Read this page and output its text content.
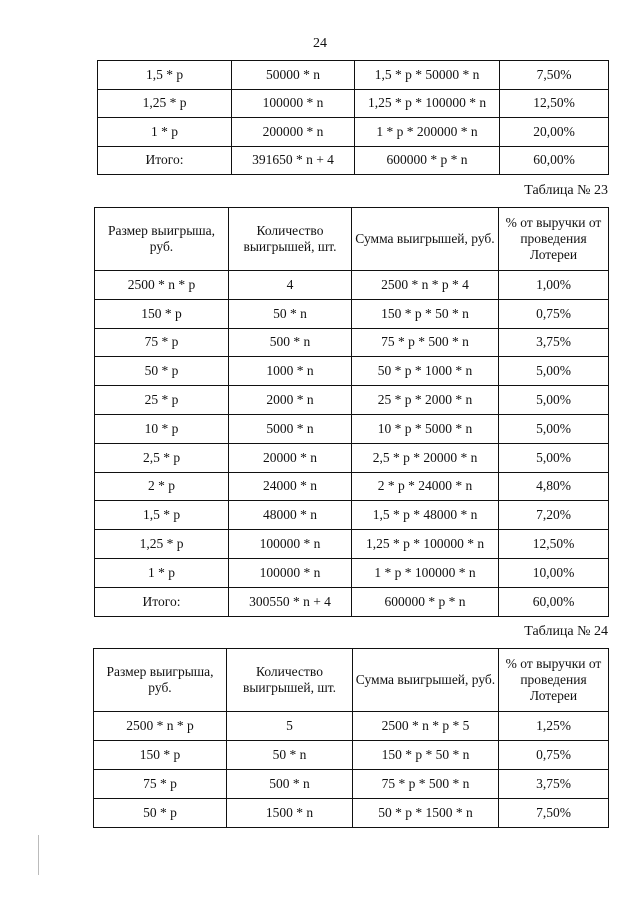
24
1,5 * р	50000 * n	1,5 * р * 50000 * n	7,50%
1,25 * р	100000 * n	1,25 * р * 100000 * n	12,50%
1 * р	200000 * n	1 * р * 200000 * n	20,00%
Итого:	391650 * n + 4	600000 * р * n	60,00%
Таблица № 23
Размер выигрыша, руб.	Количество выигрышей, шт.	Сумма выигрышей, руб.	% от выручки от проведения Лотереи
2500 * n * р	4	2500 * n * р * 4	1,00%
150 * р	50 * n	150 * р * 50 * n	0,75%
75 * р	500 * n	75 * р * 500 * n	3,75%
50 * р	1000 * n	50 * р * 1000 * n	5,00%
25 * р	2000 * n	25 * р * 2000 * n	5,00%
10 * р	5000 * n	10 * р * 5000 * n	5,00%
2,5 * р	20000 * n	2,5 * р * 20000 * n	5,00%
2 * р	24000 * n	2 * р * 24000 * n	4,80%
1,5 * р	48000 * n	1,5 * р * 48000 * n	7,20%
1,25 * р	100000 * n	1,25 * р * 100000 * n	12,50%
1 * р	100000 * n	1 * р * 100000 * n	10,00%
Итого:	300550 * n + 4	600000 * р * n	60,00%
Таблица № 24
Размер выигрыша, руб.	Количество выигрышей, шт.	Сумма выигрышей, руб.	% от выручки от проведения Лотереи
2500 * n * р	5	2500 * n * р * 5	1,25%
150 * р	50 * n	150 * р * 50 * n	0,75%
75 * р	500 * n	75 * р * 500 * n	3,75%
50 * р	1500 * n	50 * р * 1500 * n	7,50%
